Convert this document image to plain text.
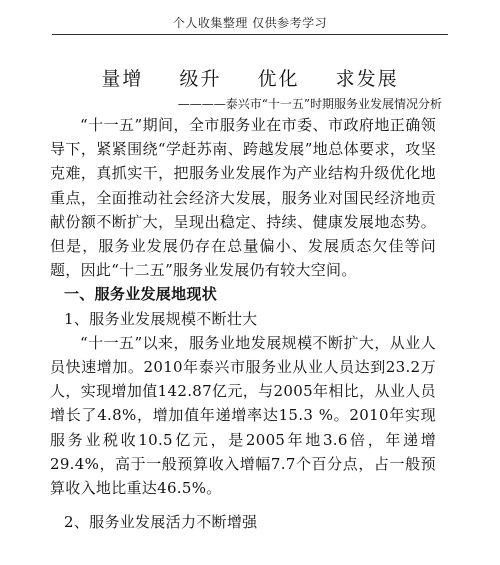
个人收集整理 仅供参考学习
量增  级升  优化  求发展
————泰兴市“十一五”时期服务业发展情况分析

“十一五”期间，全市服务业在市委、市政府地正确领导下，紧紧围绕“学赶苏南、跨越发展”地总体要求，攻坚克难，真抓实干，把服务业发展作为产业结构升级优化地重点，全面推动社会经济大发展，服务业对国民经济地贡献份额不断扩大，呈现出稳定、持续、健康发展地态势。但是，服务业发展仍存在总量偏小、发展质态欠佳等问题，因此“十二五”服务业发展仍有较大空间。

一、服务业发展地现状

1、服务业发展规模不断壮大

“十一五”以来，服务业地发展规模不断扩大，从业人员快速增加。2010年泰兴市服务业从业人员达到23.2万人，实现增加值142.87亿元，与2005年相比，从业人员增长了4.8%，增加值年递增率达15.3 %。2010年实现服务业税收10.5亿元，是2005年地3.6倍，年递增29.4%，高于一般预算收入增幅7.7个百分点，占一般预算收入地比重达46.5%。

2、服务业发展活力不断增强
